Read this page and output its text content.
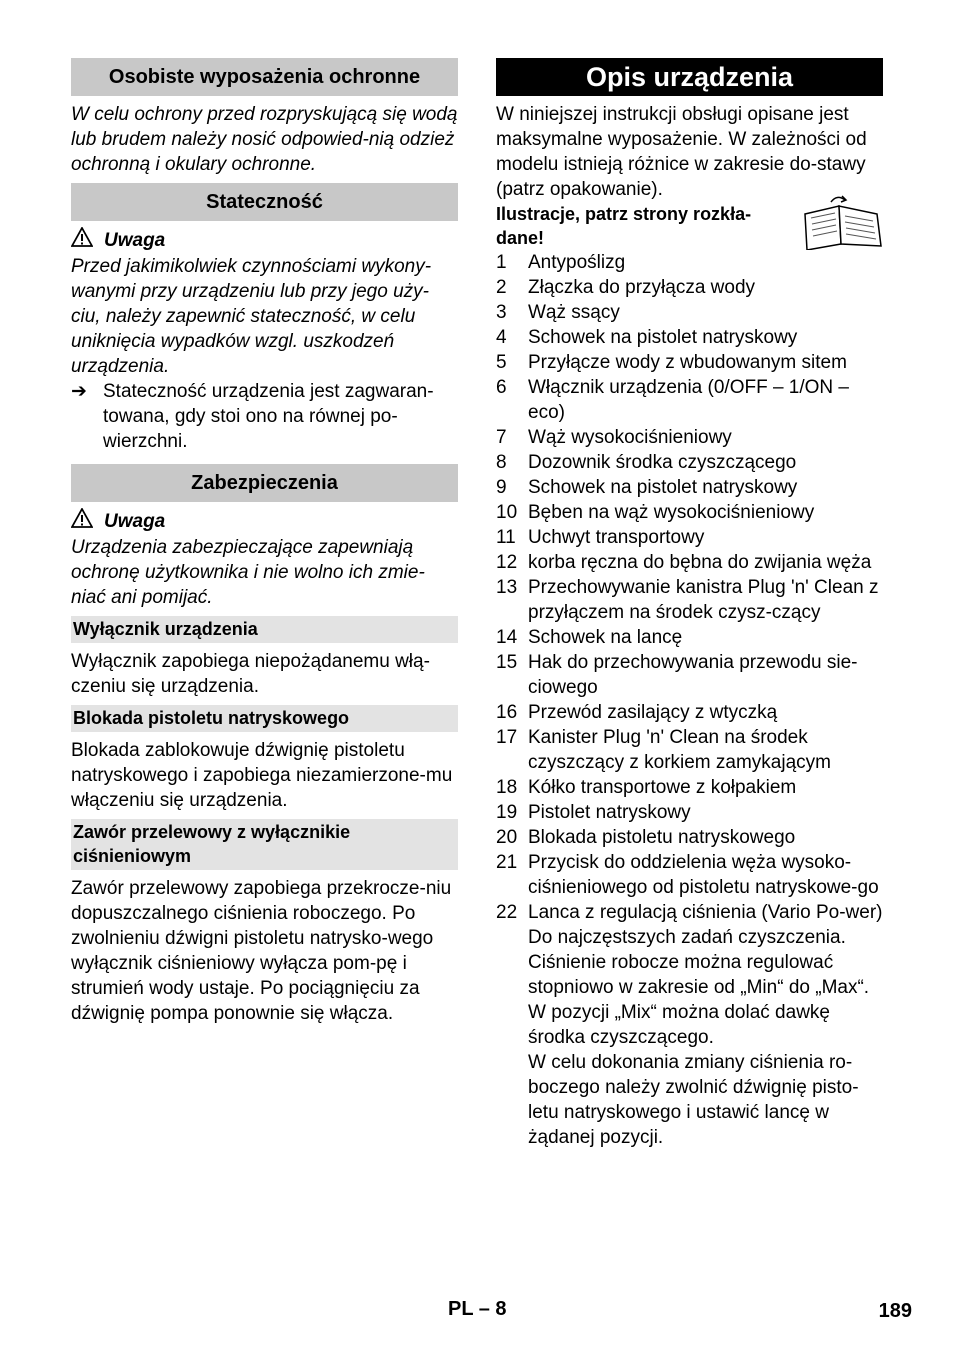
Osobiste wyposażenia ochronne

W celu ochrony przed rozpryskującą się wodą lub brudem należy nosić odpowied-nią odzież ochronną i okulary ochronne.

Stateczność
Uwaga

Przed jakimikolwiek czynnościami wykony-wanymi przy urządzeniu lub przy jego uży-ciu, należy zapewnić stateczność, w celu uniknięcia wypadków wzgl. uszkodzeń urządzenia.

➔ Stateczność urządzenia jest zagwaran-towana, gdy stoi ono na równej po-wierzchni.
Zabezpieczenia
Uwaga

Urządzenia zabezpieczające zapewniają ochronę użytkownika i nie wolno ich zmie-niać ani pomijać.

Wyłącznik urządzenia

Wyłącznik zapobiega niepożądanemu włą-czeniu się urządzenia.

Blokada pistoletu natryskowego

Blokada zablokowuje dźwignię pistoletu natryskowego i zapobiega niezamierzone-mu włączeniu się urządzenia.

Zawór przelewowy z wyłącznikie ciśnieniowym

Zawór przelewowy zapobiega przekrocze-niu dopuszczalnego ciśnienia roboczego. Po zwolnieniu dźwigni pistoletu natrysko-wego wyłącznik ciśnieniowy wyłącza pom-pę i strumień wody ustaje. Po pociągnięciu za dźwignię pompa ponownie się włącza.

Opis urządzenia

W niniejszej instrukcji obsługi opisane jest maksymalne wyposażenie. W zależności od modelu istnieją różnice w zakresie do-stawy (patrz opakowanie).

Ilustracje, patrz strony rozkła-dane!
1	Antypoślizg
2	Złączka do przyłącza wody
3	Wąż ssący
4	Schowek na pistolet natryskowy
5	Przyłącze wody z wbudowanym sitem
6	Włącznik urządzenia (0/OFF – 1/ON – eco)
7	Wąż wysokociśnieniowy
8	Dozownik środka czyszczącego
9	Schowek na pistolet natryskowy
10 Bęben na wąż wysokociśnieniowy
11 Uchwyt transportowy
12 korba ręczna do bębna do zwijania węża
13 Przechowywanie kanistra Plug 'n' Clean z przyłączem na środek czysz-czący
14 Schowek na lancę
15 Hak do przechowywania przewodu sie-ciowego
16 Przewód zasilający z wtyczką
17 Kanister Plug 'n' Clean na środek czyszczący z korkiem zamykającym
18 Kółko transportowe z kołpakiem
19 Pistolet natryskowy
20 Blokada pistoletu natryskowego
21 Przycisk do oddzielenia węża wysoko-ciśnieniowego od pistoletu natryskowe-go
22 Lanca z regulacją ciśnienia (Vario Po-wer)
Do najczęstszych zadań czyszczenia. Ciśnienie robocze można regulować stopniowo w zakresie od „Min“ do „Max“. W pozycji „Mix“ można dolać dawkę środka czyszczącego.
W celu dokonania zmiany ciśnienia ro-boczego należy zwolnić dźwignię pisto-letu natryskowego i ustawić lancę w żądanej pozycji.
PL – 8	189
